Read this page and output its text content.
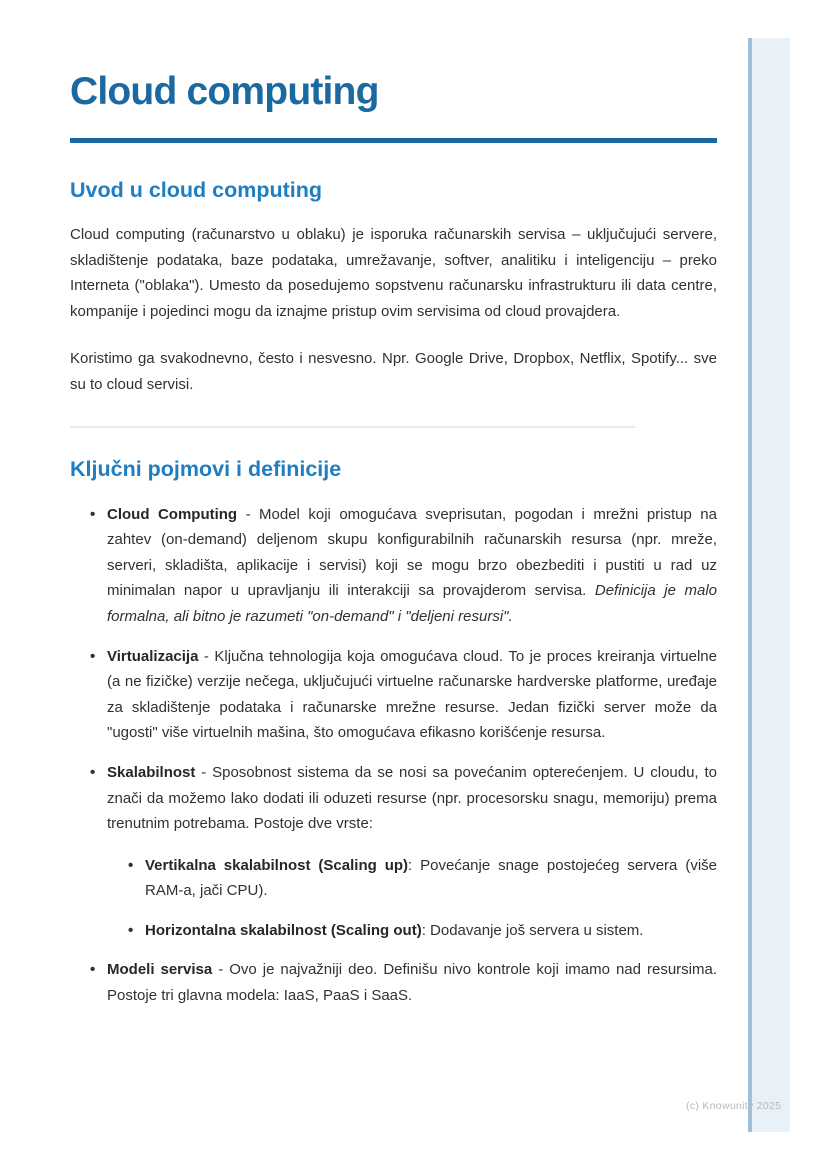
Cloud computing
Uvod u cloud computing

Cloud computing (računarstvo u oblaku) je isporuka računarskih servisa – uključujući servere, skladištenje podataka, baze podataka, umrežavanje, softver, analitiku i inteligenciju – preko Interneta ("oblaka"). Umesto da posedujemo sopstvenu računarsku infrastrukturu ili data centre, kompanije i pojedinci mogu da iznajme pristup ovim servisima od cloud provajdera.

Koristimo ga svakodnevno, često i nesvesno. Npr. Google Drive, Dropbox, Netflix, Spotify... sve su to cloud servisi.

Ključni pojmovi i definicije
• Cloud Computing - Model koji omogućava sveprisutan, pogodan i mrežni pristup na zahtev (on-demand) deljenom skupu konfigurabilnih računarskih resursa (npr. mreže, serveri, skladišta, aplikacije i servisi) koji se mogu brzo obezbediti i pustiti u rad uz minimalan napor u upravljanju ili interakciji sa provajderom servisa. Definicija je malo formalna, ali bitno je razumeti "on-demand" i "deljeni resursi".
• Virtualizacija - Ključna tehnologija koja omogućava cloud. To je proces kreiranja virtuelne (a ne fizičke) verzije nečega, uključujući virtuelne računarske hardverske platforme, uređaje za skladištenje podataka i računarske mrežne resurse. Jedan fizički server može da "ugosti" više virtuelnih mašina, što omogućava efikasno korišćenje resursa.
• Skalabilnost - Sposobnost sistema da se nosi sa povećanim opterećenjem. U cloudu, to znači da možemo lako dodati ili oduzeti resurse (npr. procesorsku snagu, memoriju) prema trenutnim potrebama. Postoje dve vrste:
• Vertikalna skalabilnost (Scaling up): Povećanje snage postojećeg servera (više RAM-a, jači CPU).
• Horizontalna skalabilnost (Scaling out): Dodavanje još servera u sistem.
• Modeli servisa - Ovo je najvažniji deo. Definišu nivo kontrole koji imamo nad resursima. Postoje tri glavna modela: IaaS, PaaS i SaaS.
(c) Knowunity 2025
